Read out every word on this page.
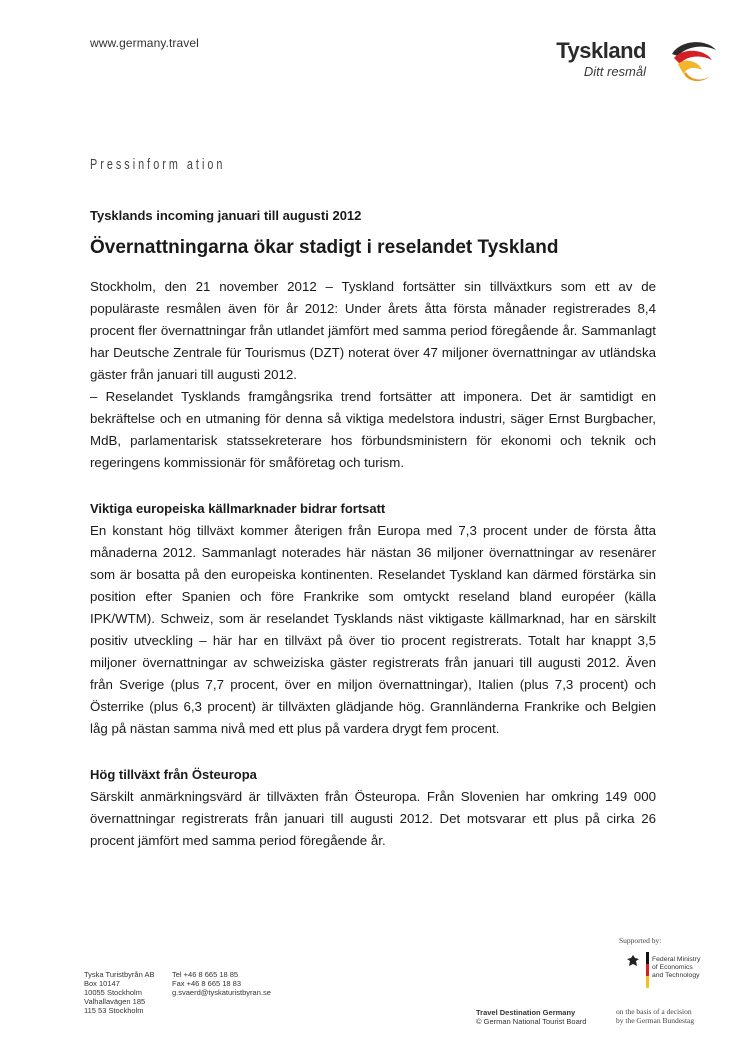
www.germany.travel	Tyskland
Ditt resmål
Pressinform ation

Tysklands incoming januari till augusti 2012

Övernattningarna ökar stadigt i reselandet Tyskland

Stockholm, den 21 november 2012 – Tyskland fortsätter sin tillväxtkurs som ett av de populäraste resmålen även för år 2012: Under årets åtta första månader registrerades 8,4 procent fler övernattningar från utlandet jämfört med samma period föregående år. Sammanlagt har Deutsche Zentrale für Tourismus (DZT) noterat över 47 miljoner övernattningar av utländska gäster från januari till augusti 2012.

– Reselandet Tysklands framgångsrika trend fortsätter att imponera. Det är samtidigt en bekräftelse och en utmaning för denna så viktiga medelstora industri, säger Ernst Burgbacher, MdB, parlamentarisk statssekreterare hos förbundsministern för ekonomi och teknik och regeringens kommissionär för småföretag och turism.

Viktiga europeiska källmarknader bidrar fortsatt

En konstant hög tillväxt kommer återigen från Europa med 7,3 procent under de första åtta månaderna 2012. Sammanlagt noterades här nästan 36 miljoner övernattningar av resenärer som är bosatta på den europeiska kontinenten. Reselandet Tyskland kan därmed förstärka sin position efter Spanien och före Frankrike som omtyckt reseland bland européer (källa IPK/WTM). Schweiz, som är reselandet Tysklands näst viktigaste källmarknad, har en särskilt positiv utveckling – här har en tillväxt på över tio procent registrerats. Totalt har knappt 3,5 miljoner övernattningar av schweiziska gäster registrerats från januari till augusti 2012. Även från Sverige (plus 7,7 procent, över en miljon övernattningar), Italien (plus 7,3 procent) och Österrike (plus 6,3 procent) är tillväxten glädjande hög. Grannländerna Frankrike och Belgien låg på nästan samma nivå med ett plus på vardera drygt fem procent.

Hög tillväxt från Östeuropa

Särskilt anmärkningsvärd är tillväxten från Östeuropa. Från Slovenien har omkring 149 000 övernattningar registrerats från januari till augusti 2012. Det motsvarar ett plus på cirka 26 procent jämfört med samma period föregående år.

Tyska Turistbyrån AB
Box 10147
10055 Stockholm
Valhallavägen 185
115 53 Stockholm
Tel +46 8 665 18 85
Fax +46 8 665 18 83
g.svaerd@tyskaturistbyran.se
Travel Destination Germany
© German National Tourist Board
Supported by:
Federal Ministry
of Economics
and Technology
on the basis of a decision
by the German Bundestag
